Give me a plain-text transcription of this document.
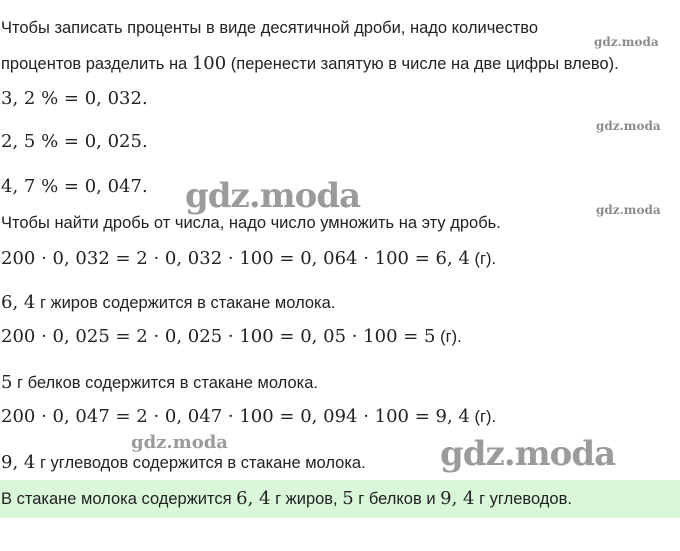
Чтобы записать проценты в виде десятичной дроби, надо количество
процентов разделить на 100 (перенести запятую в числе на две цифры влево).
3, 2 % = 0, 032.
2, 5 % = 0, 025.
4, 7 % = 0, 047.
Чтобы найти дробь от числа, надо число умножить на эту дробь.
200 · 0, 032 = 2 · 0, 032 · 100 = 0, 064 · 100 = 6, 4 (г).
6, 4 г жиров содержится в стакане молока.
200 · 0, 025 = 2 · 0, 025 · 100 = 0, 05 · 100 = 5 (г).
5 г белков содержится в стакане молока.
200 · 0, 047 = 2 · 0, 047 · 100 = 0, 094 · 100 = 9, 4 (г).
9, 4 г углеводов содержится в стакане молока.
В стакане молока содержится 6, 4 г жиров, 5 г белков и 9, 4 г углеводов.
gdz.moda
gdz.moda
gdz.moda
gdz.moda
gdz.moda	gdz.moda
